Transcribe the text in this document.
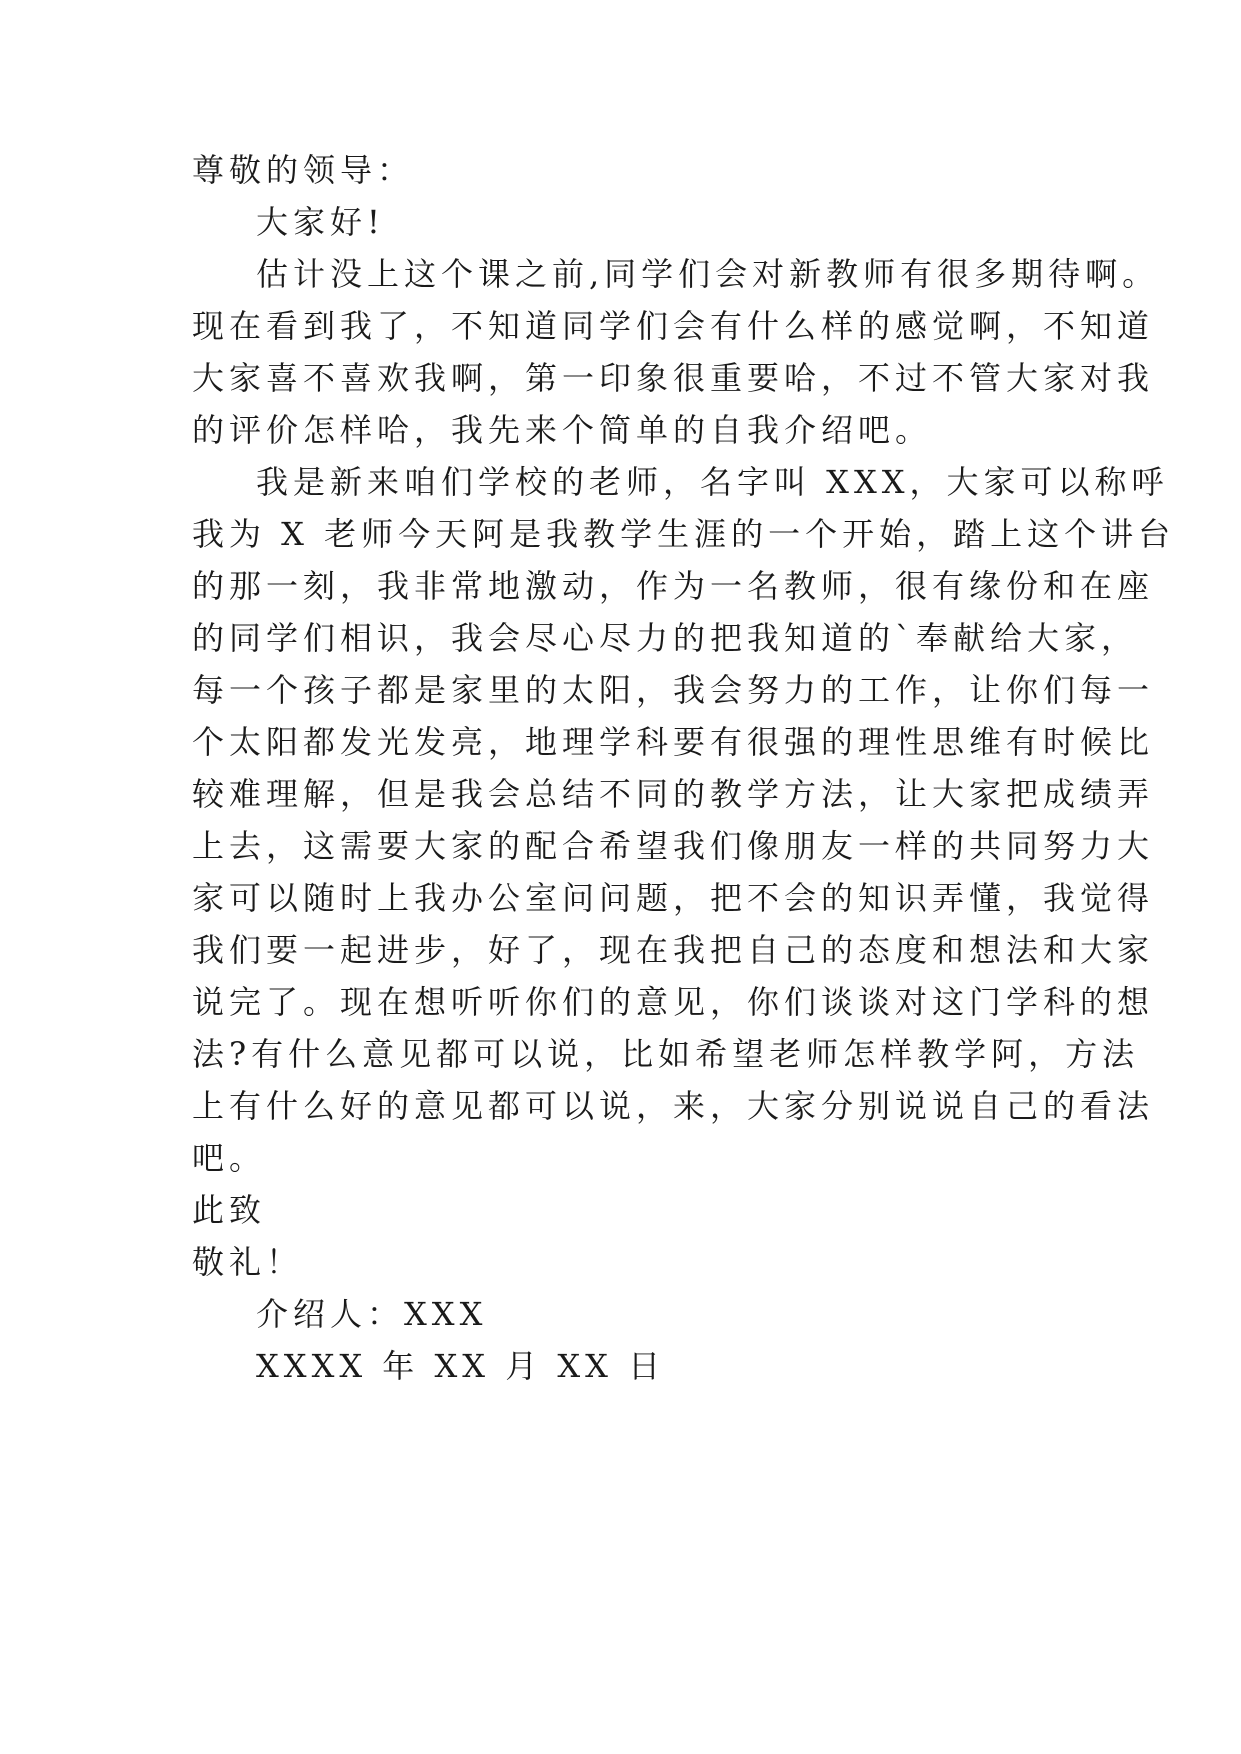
尊敬的领导：

大家好!

估计没上这个课之前,同学们会对新教师有很多期待啊。

现在看到我了，不知道同学们会有什么样的感觉啊，不知道

大家喜不喜欢我啊，第一印象很重要哈，不过不管大家对我

的评价怎样哈，我先来个简单的自我介绍吧。

我是新来咱们学校的老师，名字叫 XXX，大家可以称呼

我为 X 老师今天阿是我教学生涯的一个开始，踏上这个讲台

的那一刻，我非常地激动，作为一名教师，很有缘份和在座

的同学们相识，我会尽心尽力的把我知道的`奉献给大家，

每一个孩子都是家里的太阳，我会努力的工作，让你们每一

个太阳都发光发亮，地理学科要有很强的理性思维有时候比

较难理解，但是我会总结不同的教学方法，让大家把成绩弄

上去，这需要大家的配合希望我们像朋友一样的共同努力大

家可以随时上我办公室问问题，把不会的知识弄懂，我觉得

我们要一起进步，好了，现在我把自己的态度和想法和大家

说完了。现在想听听你们的意见，你们谈谈对这门学科的想

法?有什么意见都可以说，比如希望老师怎样教学阿，方法

上有什么好的意见都可以说，来，大家分别说说自己的看法

吧。

此致

敬礼！

介绍人：XXX

XXXX 年 XX 月 XX 日
